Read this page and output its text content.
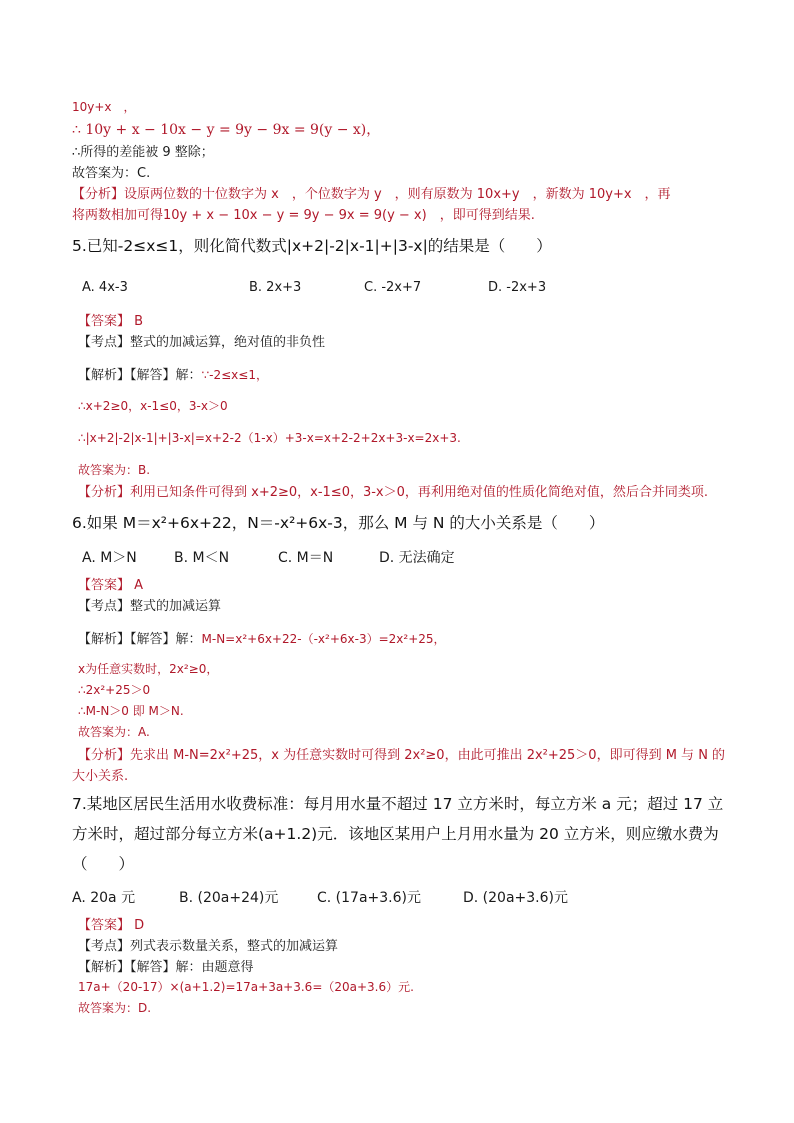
10y+x　，
∴ 10y + x − 10x − y = 9y − 9x = 9(y − x)，
∴所得的差能被 9 整除；
故答案为：C.
【分析】设原两位数的十位数字为 x　，个位数字为 y　，则有原数为 10x+y　，新数为 10y+x　，再
将两数相加可得10y + x − 10x − y = 9y − 9x = 9(y − x)　，即可得到结果.
5.已知-2≤x≤1，则化简代数式|x+2|-2|x-1|+|3-x|的结果是（　　）
A. 4x-3	B. 2x+3	C. -2x+7	D. -2x+3
【答案】 B
【考点】整式的加减运算，绝对值的非负性
【解析】【解答】解：∵-2≤x≤1，
∴x+2≥0，x-1≤0，3-x＞0
∴|x+2|-2|x-1|+|3-x|=x+2-2（1-x）+3-x=x+2-2+2x+3-x=2x+3.
故答案为：B.
【分析】利用已知条件可得到 x+2≥0，x-1≤0，3-x＞0，再利用绝对值的性质化简绝对值，然后合并同类项.
6.如果 M＝x²+6x+22，N＝-x²+6x-3，那么 M 与 N 的大小关系是（　　）
A. M＞N	B. M＜N	C. M＝N	D. 无法确定
【答案】 A
【考点】整式的加减运算
【解析】【解答】解：M-N=x²+6x+22-（-x²+6x-3）=2x²+25，
x为任意实数时，2x²≥0，
∴2x²+25＞0
∴M-N＞0 即 M＞N.
故答案为：A.
【分析】先求出 M-N=2x²+25，x 为任意实数时可得到 2x²≥0，由此可推出 2x²+25＞0，即可得到 M 与 N 的
大小关系.
7.某地区居民生活用水收费标准：每月用水量不超过 17 立方米时，每立方米 a 元；超过 17 立
方米时，超过部分每立方米(a+1.2)元．该地区某用户上月用水量为 20 立方米，则应缴水费为
（　　）
A. 20a 元	B. (20a+24)元	C. (17a+3.6)元	D. (20a+3.6)元
【答案】 D
【考点】列式表示数量关系，整式的加减运算
【解析】【解答】解：由题意得
17a+（20-17）×(a+1.2)=17a+3a+3.6=（20a+3.6）元.
故答案为：D.
